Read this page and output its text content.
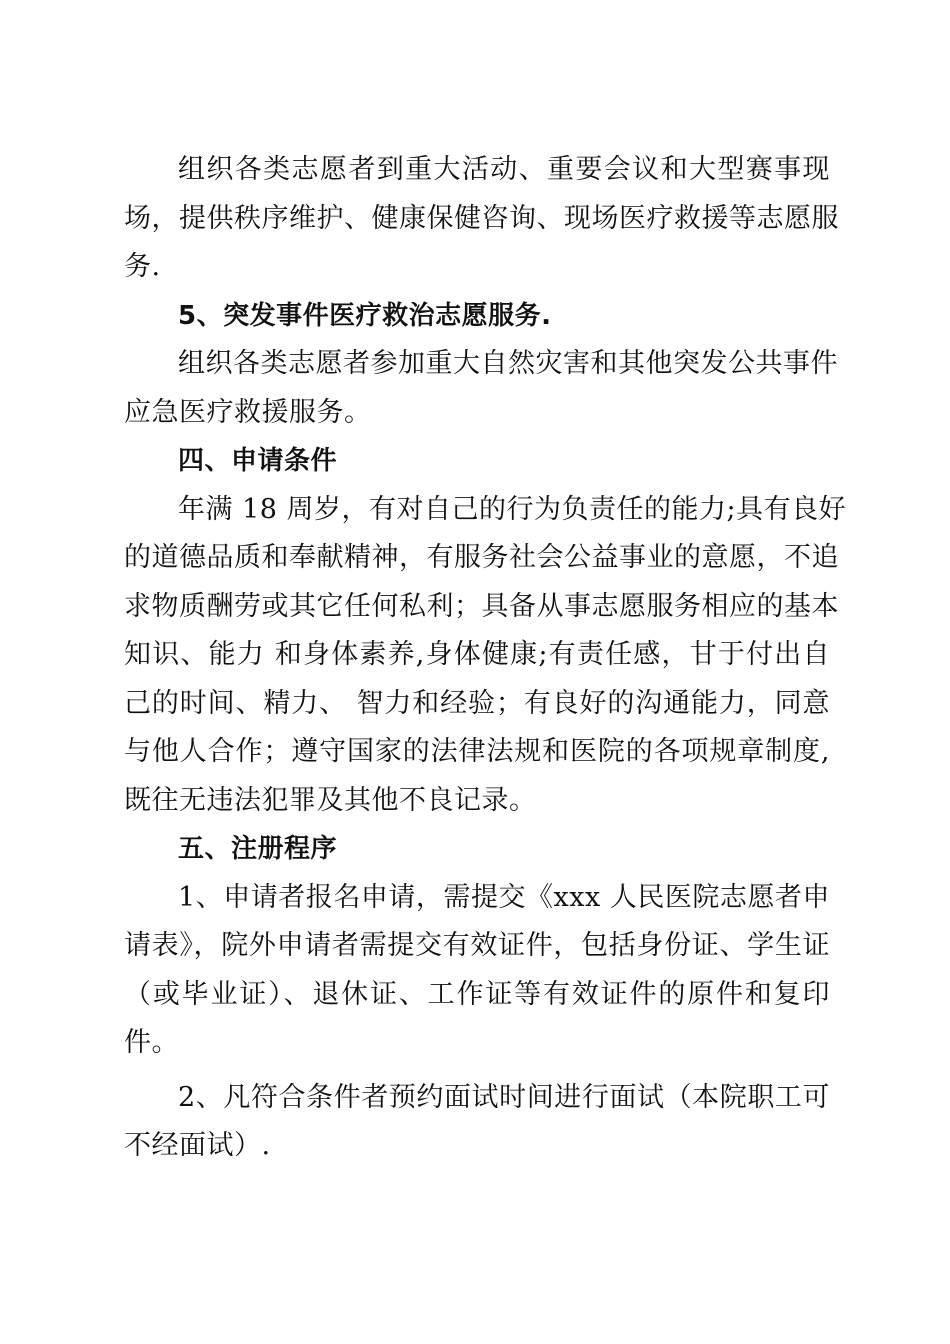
组织各类志愿者到重大活动、重要会议和大型赛事现
场，提供秩序维护、健康保健咨询、现场医疗救援等志愿服
务.
5、突发事件医疗救治志愿服务.
组织各类志愿者参加重大自然灾害和其他突发公共事件
应急医疗救援服务。
四、申请条件
年满 18 周岁，有对自己的行为负责任的能力;具有良好
的道德品质和奉献精神，有服务社会公益事业的意愿，不追
求物质酬劳或其它任何私利；具备从事志愿服务相应的基本
知识、能力 和身体素养,身体健康;有责任感，甘于付出自
己的时间、精力、 智力和经验；有良好的沟通能力，同意
与他人合作；遵守国家的法律法规和医院的各项规章制度,
既往无违法犯罪及其他不良记录。
五、注册程序
1、申请者报名申请，需提交《xxx 人民医院志愿者申
请表》，院外申请者需提交有效证件，包括身份证、学生证
（或毕业证）、退休证、工作证等有效证件的原件和复印
件。
2、凡符合条件者预约面试时间进行面试（本院职工可
不经面试）.
